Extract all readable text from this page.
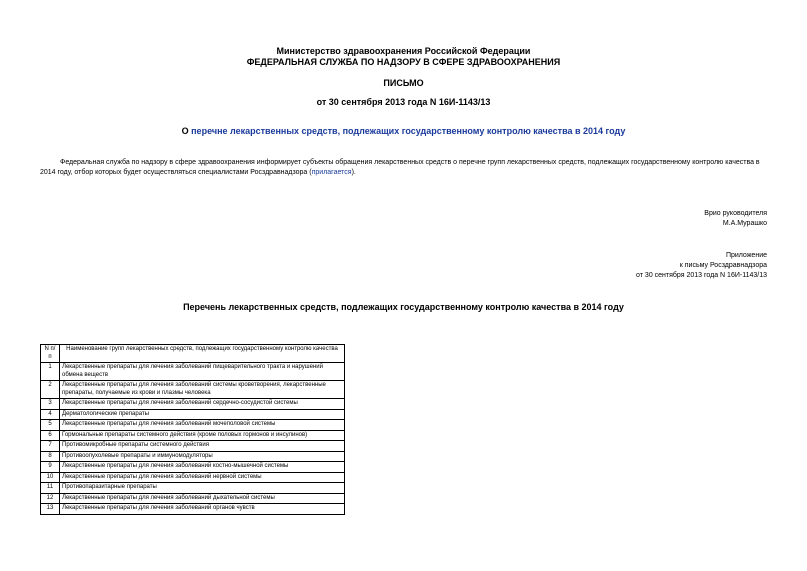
Министерство здравоохранения Российской Федерации
ФЕДЕРАЛЬНАЯ СЛУЖБА ПО НАДЗОРУ В СФЕРЕ ЗДРАВООХРАНЕНИЯ
ПИСЬМО
от 30 сентября 2013 года N 16И-1143/13
О перечне лекарственных средств, подлежащих государственному контролю качества в 2014 году
Федеральная служба по надзору в сфере здравоохранения информирует субъекты обращения лекарственных средств о перечне групп лекарственных средств, подлежащих государственному контролю качества в 2014 году, отбор которых будет осуществляться специалистами Росздравнадзора (прилагается).
Врио руководителя
М.А.Мурашко
Приложение
к письму Росздравнадзора
от 30 сентября 2013 года N 16И-1143/13
Перечень лекарственных средств, подлежащих государственному контролю качества в 2014 году
N п/п	Наименование групп лекарственных средств, подлежащих государственному контролю качества
1	Лекарственные препараты для лечения заболеваний пищеварительного тракта и нарушений обмена веществ
2	Лекарственные препараты для лечения заболеваний системы кроветворения, лекарственные препараты, получаемые из крови и плазмы человека
3	Лекарственные препараты для лечения заболеваний сердечно-сосудистой системы
4	Дерматологические препараты
5	Лекарственные препараты для лечения заболеваний мочеполовой системы
6	Гормональные препараты системного действия (кроме половых гормонов и инсулинов)
7	Противомикробные препараты системного действия
8	Противоопухолевые препараты и иммуномодуляторы
9	Лекарственные препараты для лечения заболеваний костно-мышечной системы
10	Лекарственные препараты для лечения заболеваний нервной системы
11	Противопаразитарные препараты
12	Лекарственные препараты для лечения заболеваний дыхательной системы
13	Лекарственные препараты для лечения заболеваний органов чувств
